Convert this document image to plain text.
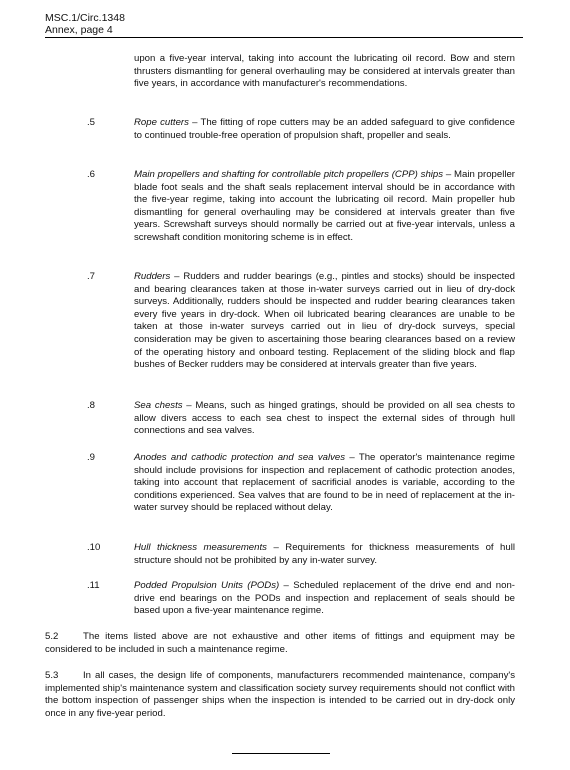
MSC.1/Circ.1348
Annex, page 4

upon a five-year interval, taking into account the lubricating oil record. Bow and stern thrusters dismantling for general overhauling may be considered at intervals greater than five years, in accordance with manufacturer's recommendations.

.5	Rope cutters – The fitting of rope cutters may be an added safeguard to give confidence to continued trouble-free operation of propulsion shaft, propeller and seals.

.6	Main propellers and shafting for controllable pitch propellers (CPP) ships – Main propeller blade foot seals and the shaft seals replacement interval should be in accordance with the five-year regime, taking into account the lubricating oil record. Main propeller hub dismantling for general overhauling may be considered at intervals greater than five years. Screwshaft surveys should normally be carried out at five-year intervals, unless a screwshaft condition monitoring scheme is in effect.

.7	Rudders – Rudders and rudder bearings (e.g., pintles and stocks) should be inspected and bearing clearances taken at those in-water surveys carried out in lieu of dry-dock surveys. Additionally, rudders should be inspected and rudder bearing clearances taken every five years in dry-dock. When oil lubricated bearing clearances are unable to be taken at those in-water surveys carried out in lieu of dry-dock surveys, special consideration may be given to ascertaining those bearing clearances based on a review of the operating history and onboard testing. Replacement of the sliding block and flap bushes of Becker rudders may be considered at intervals greater than five years.

.8	Sea chests – Means, such as hinged gratings, should be provided on all sea chests to allow divers access to each sea chest to inspect the external sides of through hull connections and sea valves.

.9	Anodes and cathodic protection and sea valves – The operator's maintenance regime should include provisions for inspection and replacement of cathodic protection anodes, taking into account that replacement of sacrificial anodes is variable, according to the conditions experienced. Sea valves that are found to be in need of replacement at the in-water survey should be replaced without delay.

.10	Hull thickness measurements – Requirements for thickness measurements of hull structure should not be prohibited by any in-water survey.

.11	Podded Propulsion Units (PODs) – Scheduled replacement of the drive end and non-drive end bearings on the PODs and inspection and replacement of seals should be based upon a five-year maintenance regime.

5.2	The items listed above are not exhaustive and other items of fittings and equipment may be considered to be included in such a maintenance regime.

5.3	In all cases, the design life of components, manufacturers recommended maintenance, company's implemented ship's maintenance system and classification society survey requirements should not conflict with the bottom inspection of passenger ships when the inspection is intended to be carried out in dry-dock only once in any five-year period.
